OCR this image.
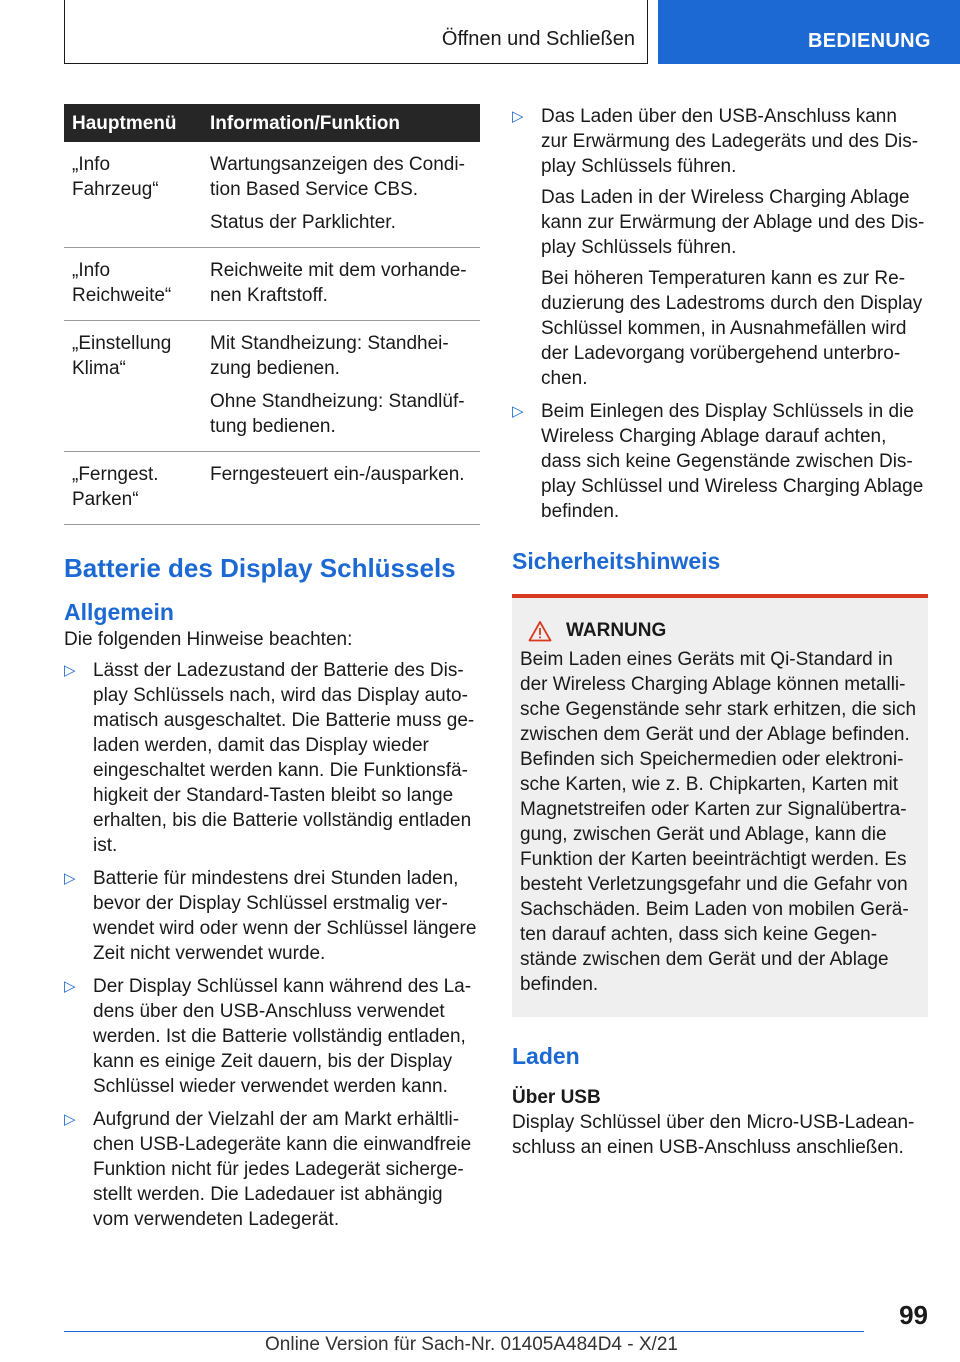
Öffnen und Schließen	BEDIENUNG
Hauptmenü	Information/Funktion
„Info Fahrzeug“	Wartungsanzeigen des Condition Based Service CBS.

Status der Parklichter.

„Info Reichweite“	Reichweite mit dem vorhandenen Kraftstoff.

„Einstellung Klima“	Mit Standheizung: Standheizung bedienen.

Ohne Standheizung: Standlüftung bedienen.

„Ferngest. Parken“	Ferngesteuert ein-/ausparken.

Batterie des Display Schlüssels
Allgemein

Die folgenden Hinweise beachten:

▷ Lässt der Ladezustand der Batterie des Display Schlüssels nach, wird das Display automatisch ausgeschaltet. Die Batterie muss geladen werden, damit das Display wieder eingeschaltet werden kann. Die Funktionsfähigkeit der Standard-Tasten bleibt so lange erhalten, bis die Batterie vollständig entladen ist.

▷ Batterie für mindestens drei Stunden laden, bevor der Display Schlüssel erstmalig verwendet wird oder wenn der Schlüssel längere Zeit nicht verwendet wurde.

▷ Der Display Schlüssel kann während des Ladens über den USB-Anschluss verwendet werden. Ist die Batterie vollständig entladen, kann es einige Zeit dauern, bis der Display Schlüssel wieder verwendet werden kann.

▷ Aufgrund der Vielzahl der am Markt erhältlichen USB-Ladegeräte kann die einwandfreie Funktion nicht für jedes Ladegerät sichergestellt werden. Die Ladedauer ist abhängig vom verwendeten Ladegerät.

▷ Das Laden über den USB-Anschluss kann zur Erwärmung des Ladegeräts und des Display Schlüssels führen.

Das Laden in der Wireless Charging Ablage kann zur Erwärmung der Ablage und des Display Schlüssels führen.

Bei höheren Temperaturen kann es zur Reduzierung des Ladestroms durch den Display Schlüssel kommen, in Ausnahmefällen wird der Ladevorgang vorübergehend unterbrochen.

▷ Beim Einlegen des Display Schlüssels in die Wireless Charging Ablage darauf achten, dass sich keine Gegenstände zwischen Display Schlüssel und Wireless Charging Ablage befinden.

Sicherheitshinweis
WARNUNG

Beim Laden eines Geräts mit Qi-Standard in der Wireless Charging Ablage können metallische Gegenstände sehr stark erhitzen, die sich zwischen dem Gerät und der Ablage befinden. Befinden sich Speichermedien oder elektronische Karten, wie z. B. Chipkarten, Karten mit Magnetstreifen oder Karten zur Signalübertragung, zwischen Gerät und Ablage, kann die Funktion der Karten beeinträchtigt werden. Es besteht Verletzungsgefahr und die Gefahr von Sachschäden. Beim Laden von mobilen Geräten darauf achten, dass sich keine Gegenstände zwischen dem Gerät und der Ablage befinden.

Laden
Über USB

Display Schlüssel über den Micro-USB-Ladeanschluss an einen USB-Anschluss anschließen.

99
Online Version für Sach-Nr. 01405A484D4 - X/21
